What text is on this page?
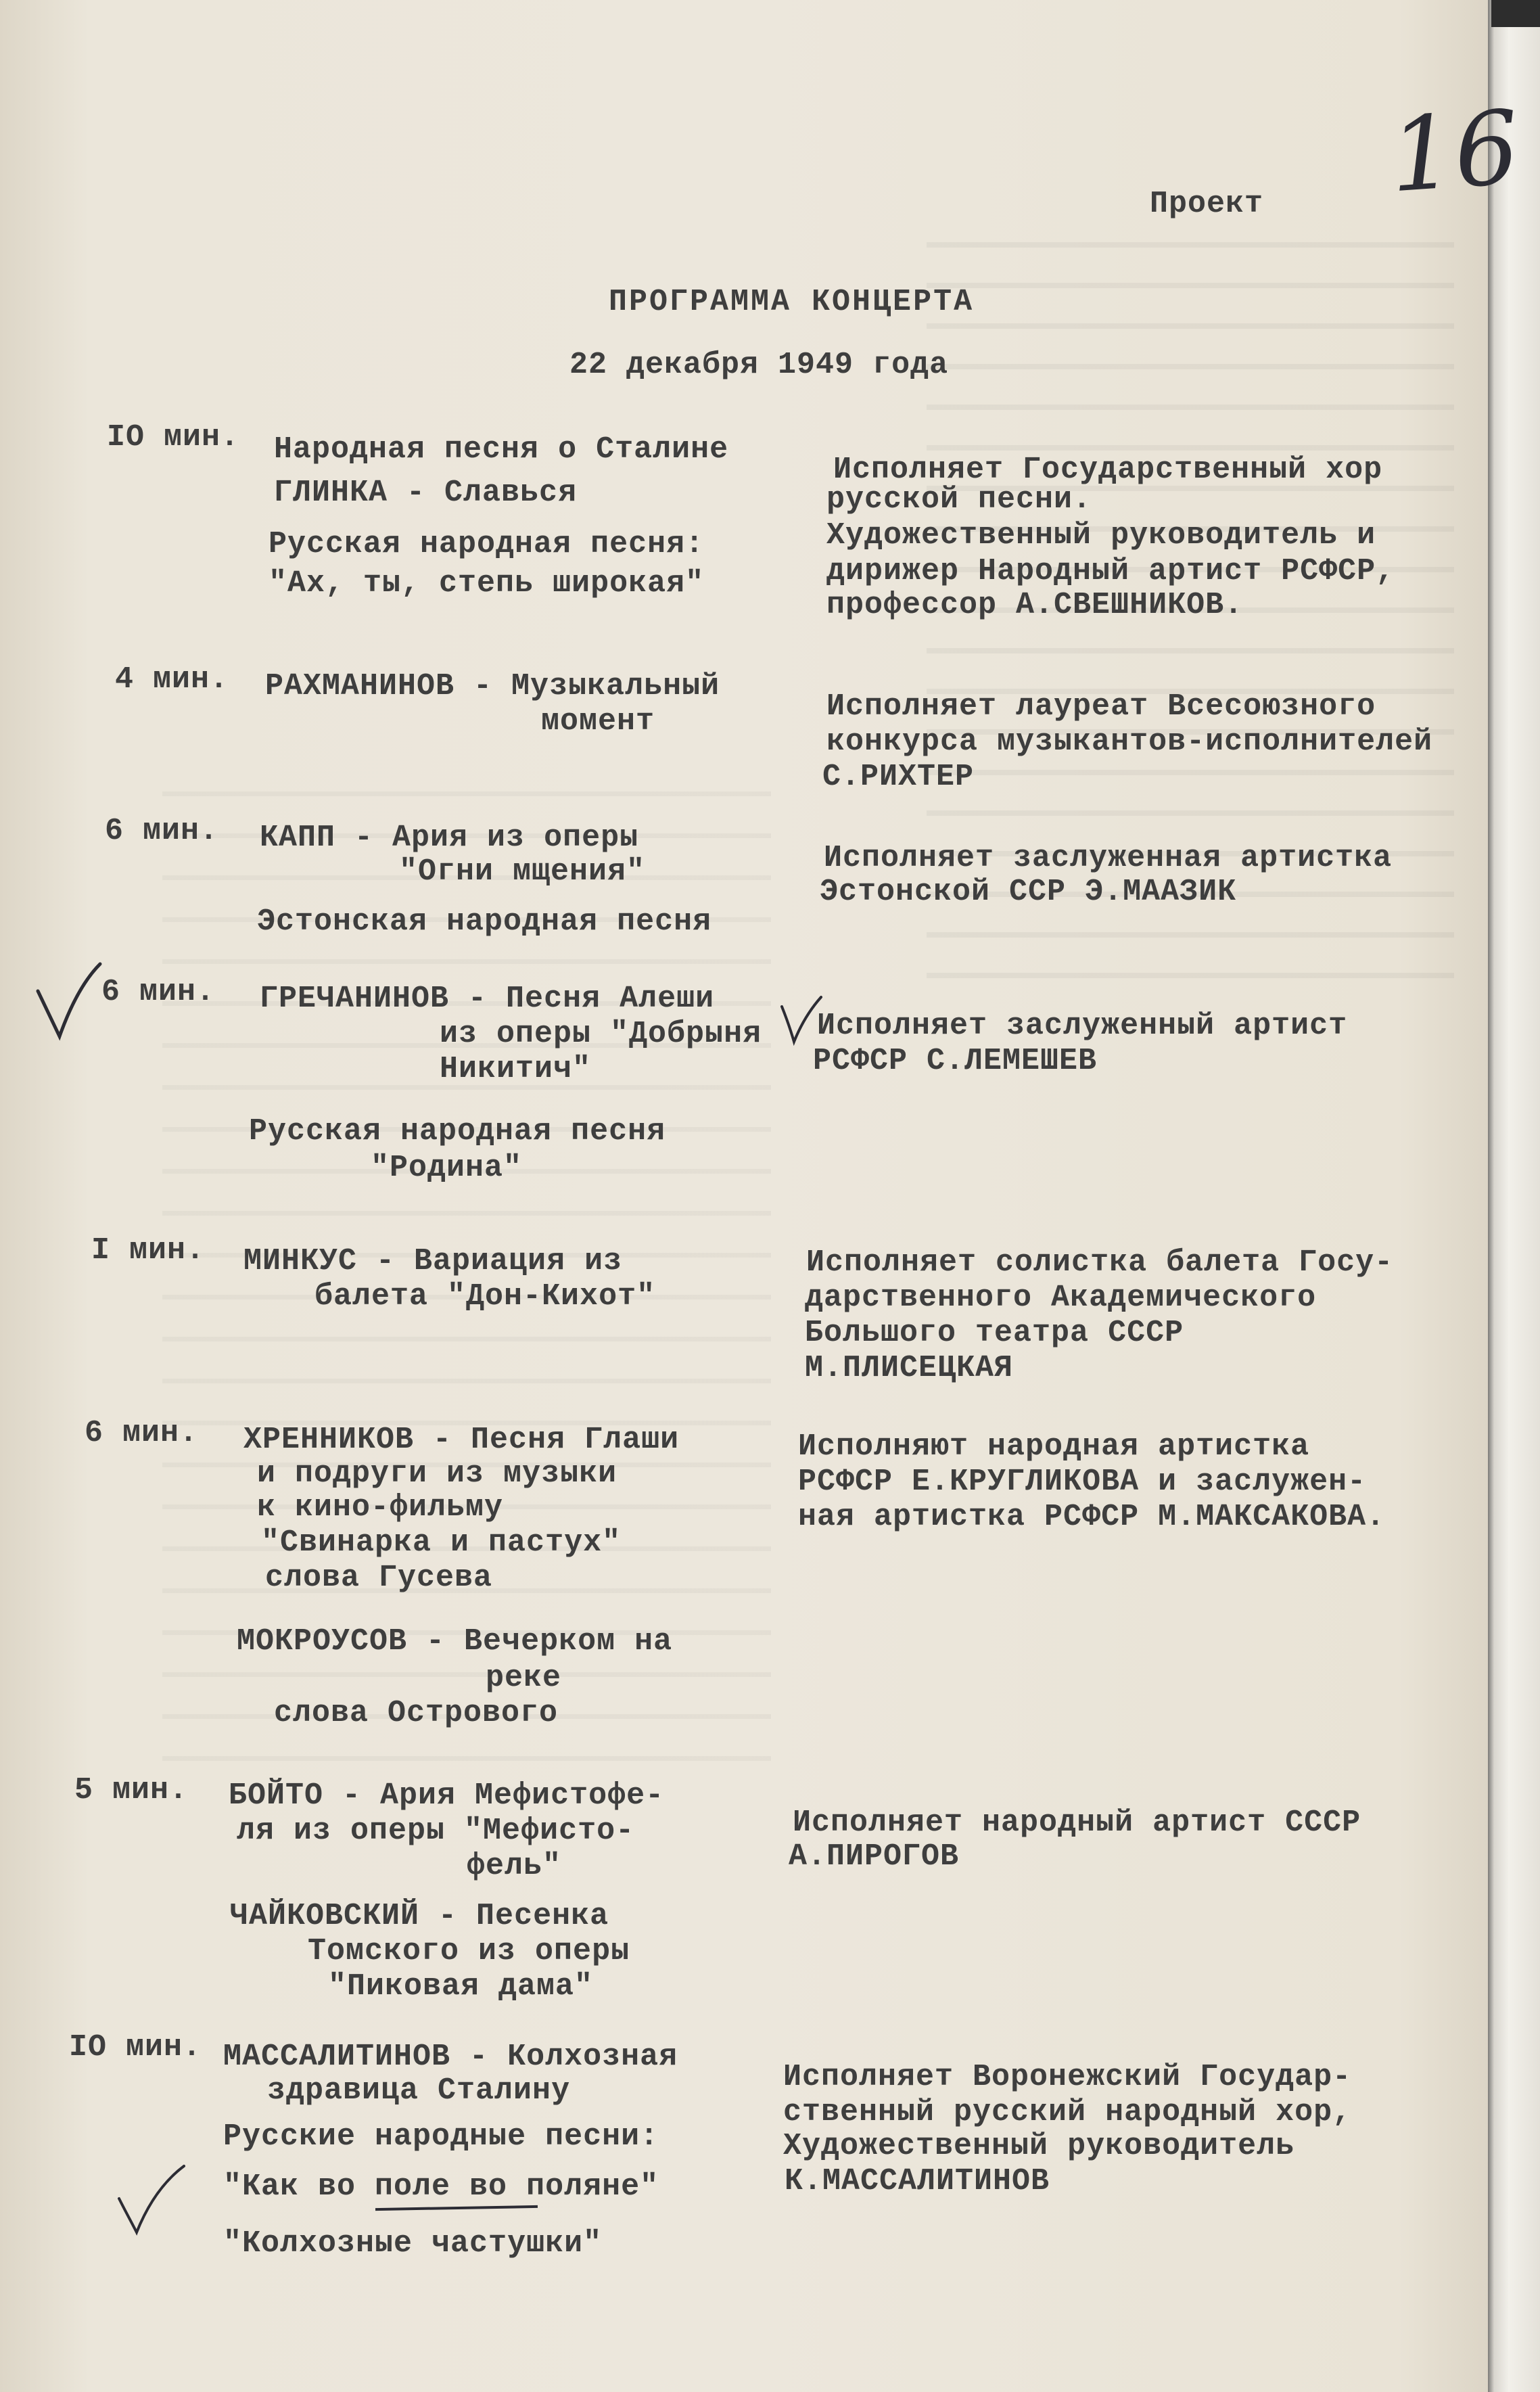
16
Проект
ПРОГРАММА КОНЦЕРТА
22 декабря 1949 года
IO мин. Народная песня о Сталине
ГЛИНКА - Славься
Русская народная песня:
"Ах, ты, степь широкая"
Исполняет Государственный хор
русской песни.
Художественный руководитель и
дирижер Народный артист РСФСР,
профессор А.СВЕШНИКОВ.
4 мин. РАХМАНИНОВ - Музыкальный
момент	Исполняет лауреат Всесоюзного
конкурса музыкантов-исполнителей
С.РИХТЕР
6 мин. КАПП - Ария из оперы
"Огни мщения"
Эстонская народная песня
Исполняет заслуженная артистка
Эстонской ССР Э.МААЗИК
6 мин. ГРЕЧАНИНОВ - Песня Алеши
из оперы "Добрыня
Никитич"
Русская народная песня
"Родина"
Исполняет заслуженный артист
РСФСР С.ЛЕМЕШЕВ
I мин. МИНКУС - Вариация из
балета "Дон-Кихот"
Исполняет солистка балета Госу-
дарственного Академического
Большого театра СССР
М.ПЛИСЕЦКАЯ
6 мин. ХРЕННИКОВ - Песня Глаши
и подруги из музыки
к кино-фильму
"Свинарка и пастух"
слова Гусева
МОКРОУСОВ - Вечерком на
реке
слова Острового
Исполняют народная артистка
РСФСР Е.КРУГЛИКОВА и заслужен-
ная артистка РСФСР М.МАКСАКОВА.
5 мин. БОЙТО - Ария Мефистофе-
ля из оперы "Мефисто-
фель"
ЧАЙКОВСКИЙ - Песенка
Томского из оперы
"Пиковая дама"
Исполняет народный артист СССР
А.ПИРОГОВ
IO мин. МАССАЛИТИНОВ - Колхозная
здравица Сталину
Русские народные песни:
"Как во поле во поляне"
"Колхозные частушки"
Исполняет Воронежский Государ-
ственный русский народный хор,
Художественный руководитель
К.МАССАЛИТИНОВ
